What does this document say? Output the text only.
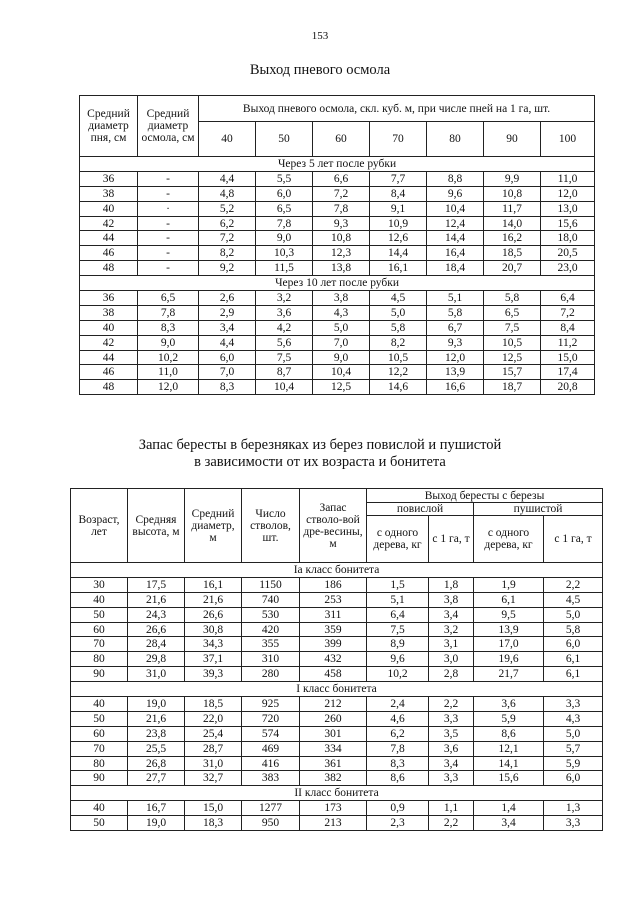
153
Выход пневого осмола
Средний диаметр пня, см	Средний диаметр осмола, см	Выход пневого осмола, скл. куб. м, при числе пней на 1 га, шт.						
		40	50	60	70	80	90	100
Через 5 лет после рубки								
36	-	4,4	5,5	6,6	7,7	8,8	9,9	11,0
38	-	4,8	6,0	7,2	8,4	9,6	10,8	12,0
40	·	5,2	6,5	7,8	9,1	10,4	11,7	13,0
42	-	6,2	7,8	9,3	10,9	12,4	14,0	15,6
44	-	7,2	9,0	10,8	12,6	14,4	16,2	18,0
46	-	8,2	10,3	12,3	14,4	16,4	18,5	20,5
48	-	9,2	11,5	13,8	16,1	18,4	20,7	23,0
Через 10 лет после рубки								
36	6,5	2,6	3,2	3,8	4,5	5,1	5,8	6,4
38	7,8	2,9	3,6	4,3	5,0	5,8	6,5	7,2
40	8,3	3,4	4,2	5,0	5,8	6,7	7,5	8,4
42	9,0	4,4	5,6	7,0	8,2	9,3	10,5	11,2
44	10,2	6,0	7,5	9,0	10,5	12,0	12,5	15,0
46	11,0	7,0	8,7	10,4	12,2	13,9	15,7	17,4
48	12,0	8,3	10,4	12,5	14,6	16,6	18,7	20,8
Запас бересты в березняках из берез повислой и пушистой
в зависимости от их возраста и бонитета
Возраст, лет	Средняя высота, м	Средний диаметр, м	Число стволов, шт.	Запас стволо-вой дре-весины, м	Выход бересты с березы			
					повислой		пушистой	
					с одного дерева, кг	с 1 га, т	с одного дерева, кг	с 1 га, т
Iа класс бонитета								
30	17,5	16,1	1150	186	1,5	1,8	1,9	2,2
40	21,6	21,6	740	253	5,1	3,8	6,1	4,5
50	24,3	26,6	530	311	6,4	3,4	9,5	5,0
60	26,6	30,8	420	359	7,5	3,2	13,9	5,8
70	28,4	34,3	355	399	8,9	3,1	17,0	6,0
80	29,8	37,1	310	432	9,6	3,0	19,6	6,1
90	31,0	39,3	280	458	10,2	2,8	21,7	6,1
I класс бонитета								
40	19,0	18,5	925	212	2,4	2,2	3,6	3,3
50	21,6	22,0	720	260	4,6	3,3	5,9	4,3
60	23,8	25,4	574	301	6,2	3,5	8,6	5,0
70	25,5	28,7	469	334	7,8	3,6	12,1	5,7
80	26,8	31,0	416	361	8,3	3,4	14,1	5,9
90	27,7	32,7	383	382	8,6	3,3	15,6	6,0
II класс бонитета								
40	16,7	15,0	1277	173	0,9	1,1	1,4	1,3
50	19,0	18,3	950	213	2,3	2,2	3,4	3,3
